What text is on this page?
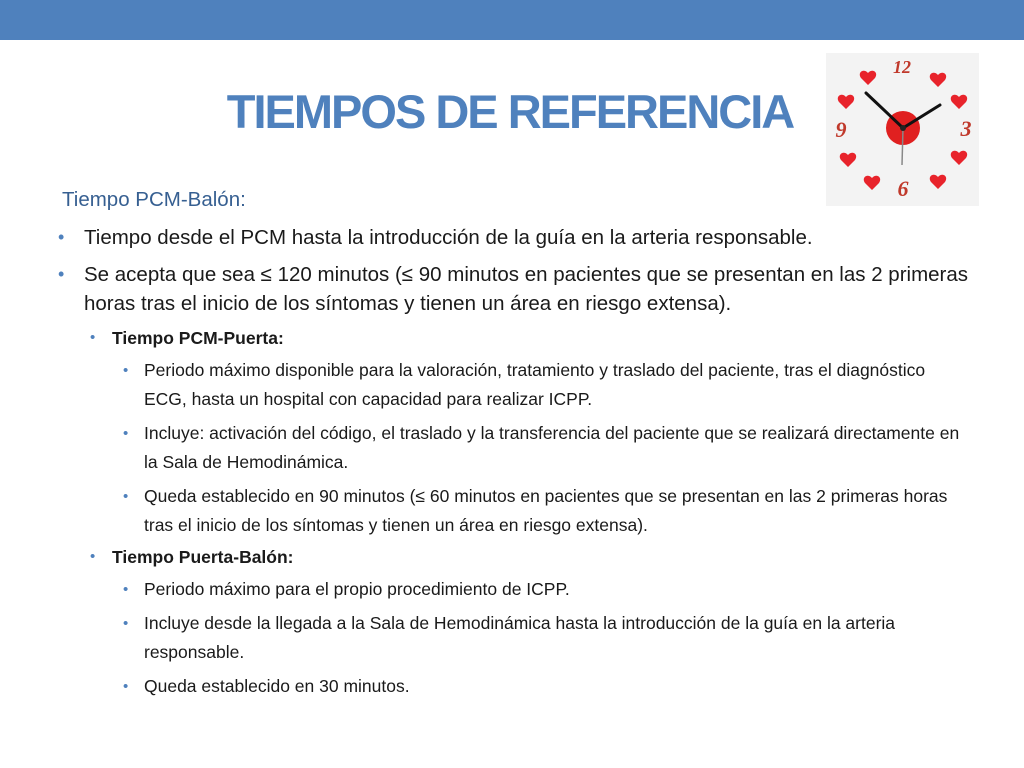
TIEMPOS DE REFERENCIA
12
3
6
9
Tiempo PCM-Balón:
• Tiempo desde el PCM hasta la introducción de la guía en la arteria responsable.
• Se acepta que sea ≤ 120 minutos (≤ 90 minutos en pacientes que se presentan en las 2 primeras horas tras el inicio de los síntomas y tienen un área en riesgo extensa).
• Tiempo PCM-Puerta:
• Periodo máximo disponible para la valoración, tratamiento y traslado del paciente, tras el diagnóstico ECG, hasta un hospital con capacidad para realizar ICPP.
• Incluye: activación del código, el traslado y la transferencia del paciente que se realizará directamente en la Sala de Hemodinámica.
• Queda establecido en 90 minutos (≤ 60 minutos en pacientes que se presentan en las 2 primeras horas tras el inicio de los síntomas y tienen un área en riesgo extensa).
• Tiempo Puerta-Balón:
• Periodo máximo para el propio procedimiento de ICPP.
• Incluye desde la llegada a la Sala de Hemodinámica hasta la introducción de la guía en la arteria responsable.
• Queda establecido en 30 minutos.
